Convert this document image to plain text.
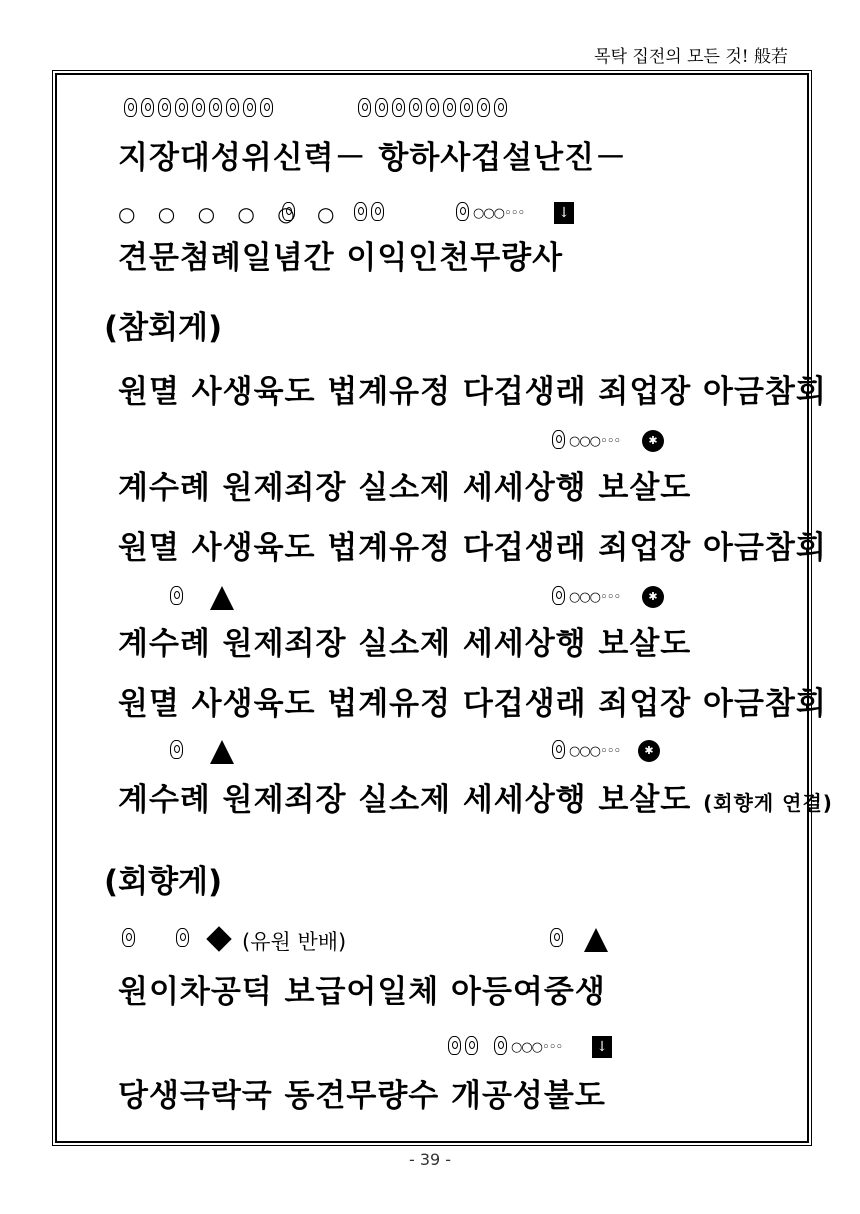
목탁 집전의 모든 것! 般若
지장대성위신력－ 항하사겁설난진－
○ ○ ○ ○ ○ ○	○○○◦◦◦ ↓
견문첨례일념간 이익인천무량사
(참회게)
원멸 사생육도 법계유정 다겁생래 죄업장 아금참회
○○○◦◦◦	✱
계수례 원제죄장 실소제 세세상행 보살도
원멸 사생육도 법계유정 다겁생래 죄업장 아금참회
○○○◦◦◦	✱
계수례 원제죄장 실소제 세세상행 보살도
원멸 사생육도 법계유정 다겁생래 죄업장 아금참회
○○○◦◦◦	✱
계수례 원제죄장 실소제 세세상행 보살도 (회향게 연결)
(회향게)
(유원 반배)
원이차공덕 보급어일체 아등여중생
○○○◦◦◦ ↓
당생극락국 동견무량수 개공성불도
- 39 -
